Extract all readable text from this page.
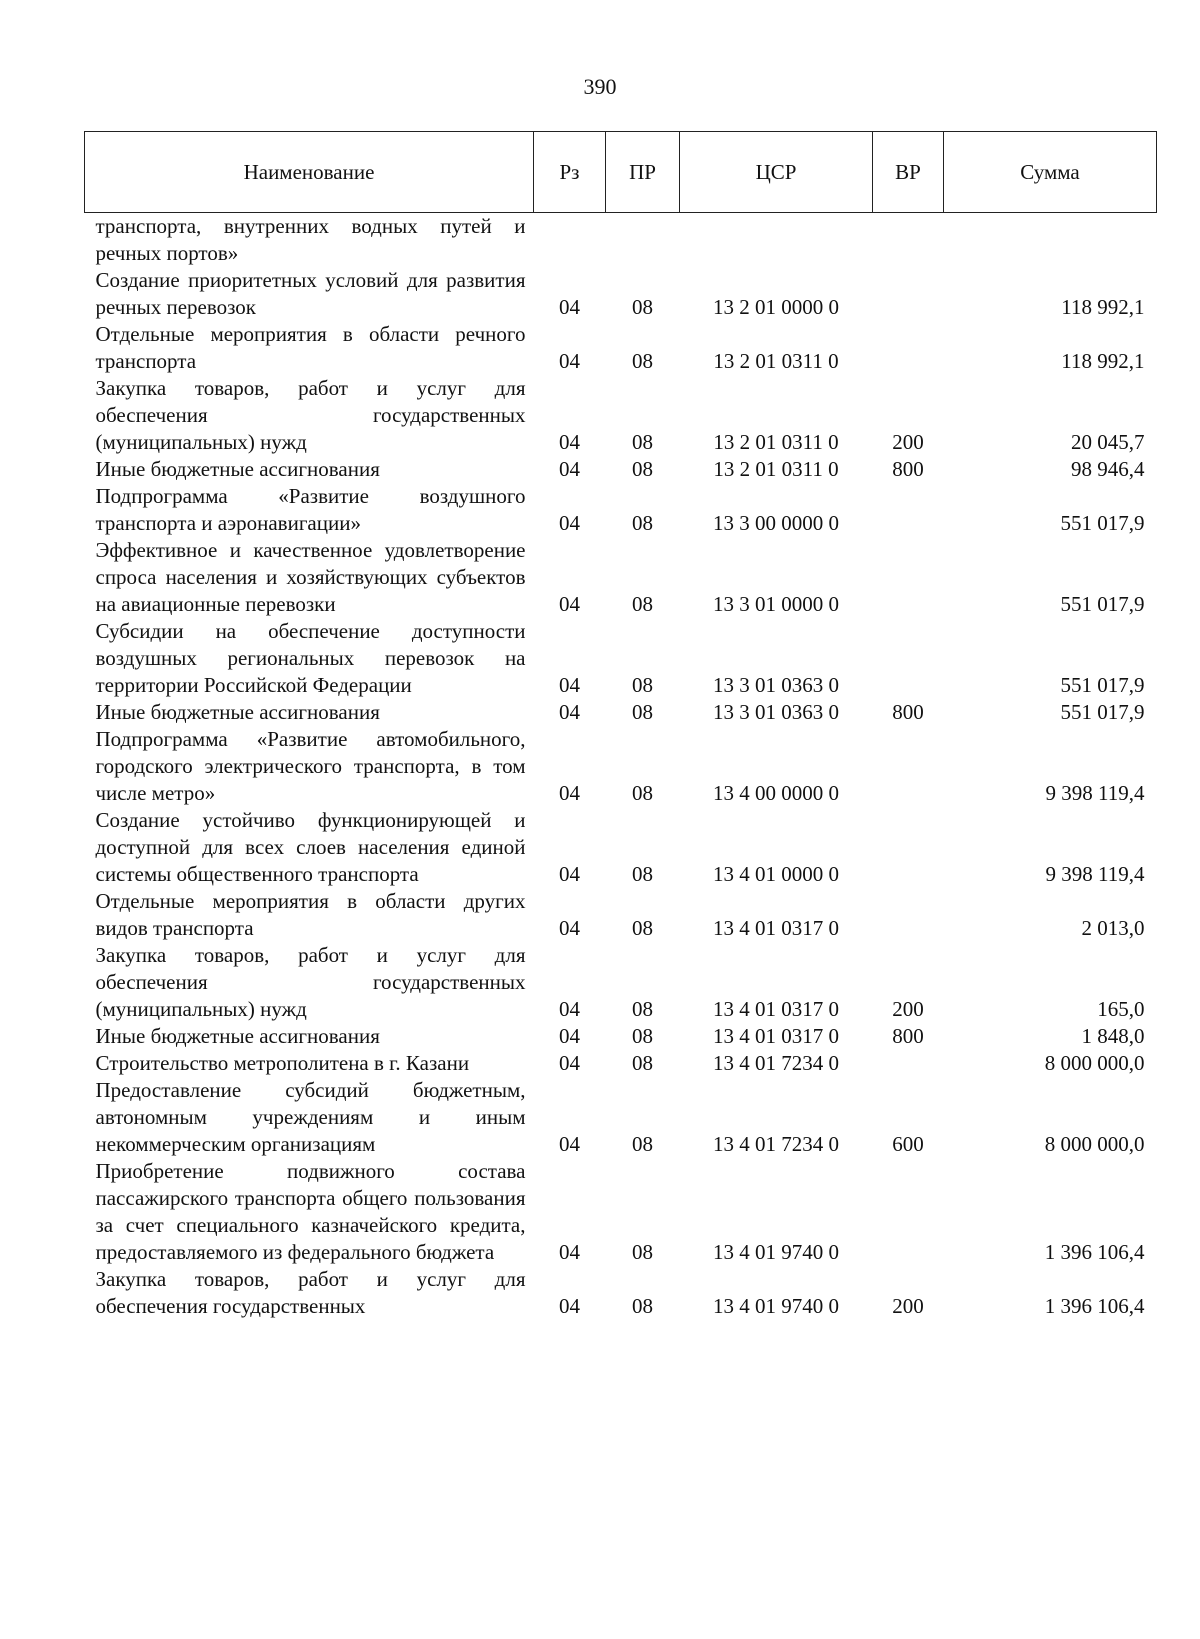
390
Наименование	Рз	ПР	ЦСР	ВР	Сумма
транспорта, внутренних водных путей и речных портов»					
Создание приоритетных условий для развития речных перевозок	04	08	13 2 01 0000 0		118 992,1
Отдельные мероприятия в области речного транспорта	04	08	13 2 01 0311 0		118 992,1
Закупка товаров, работ и услуг для обеспечения государственных (муниципальных) нужд	04	08	13 2 01 0311 0	200	20 045,7
Иные бюджетные ассигнования	04	08	13 2 01 0311 0	800	98 946,4
Подпрограмма «Развитие воздушного транспорта и аэронавигации»	04	08	13 3 00 0000 0		551 017,9
Эффективное и качественное удовлетворение спроса населения и хозяйствующих субъектов на авиационные перевозки	04	08	13 3 01 0000 0		551 017,9
Субсидии на обеспечение доступности воздушных региональных перевозок на территории Российской Федерации	04	08	13 3 01 0363 0		551 017,9
Иные бюджетные ассигнования	04	08	13 3 01 0363 0	800	551 017,9
Подпрограмма «Развитие автомобильного, городского электрического транспорта, в том числе метро»	04	08	13 4 00 0000 0		9 398 119,4
Создание устойчиво функционирующей и доступной для всех слоев населения единой системы общественного транспорта	04	08	13 4 01 0000 0		9 398 119,4
Отдельные мероприятия в области других видов транспорта	04	08	13 4 01 0317 0		2 013,0
Закупка товаров, работ и услуг для обеспечения государственных (муниципальных) нужд	04	08	13 4 01 0317 0	200	165,0
Иные бюджетные ассигнования	04	08	13 4 01 0317 0	800	1 848,0
Строительство метрополитена в г. Казани	04	08	13 4 01 7234 0		8 000 000,0
Предоставление субсидий бюджетным, автономным учреждениям и иным некоммерческим организациям	04	08	13 4 01 7234 0	600	8 000 000,0
Приобретение подвижного состава пассажирского транспорта общего пользования за счет специального казначейского кредита, предоставляемого из федерального бюджета	04	08	13 4 01 9740 0		1 396 106,4
Закупка товаров, работ и услуг для обеспечения государственных	04	08	13 4 01 9740 0	200	1 396 106,4
